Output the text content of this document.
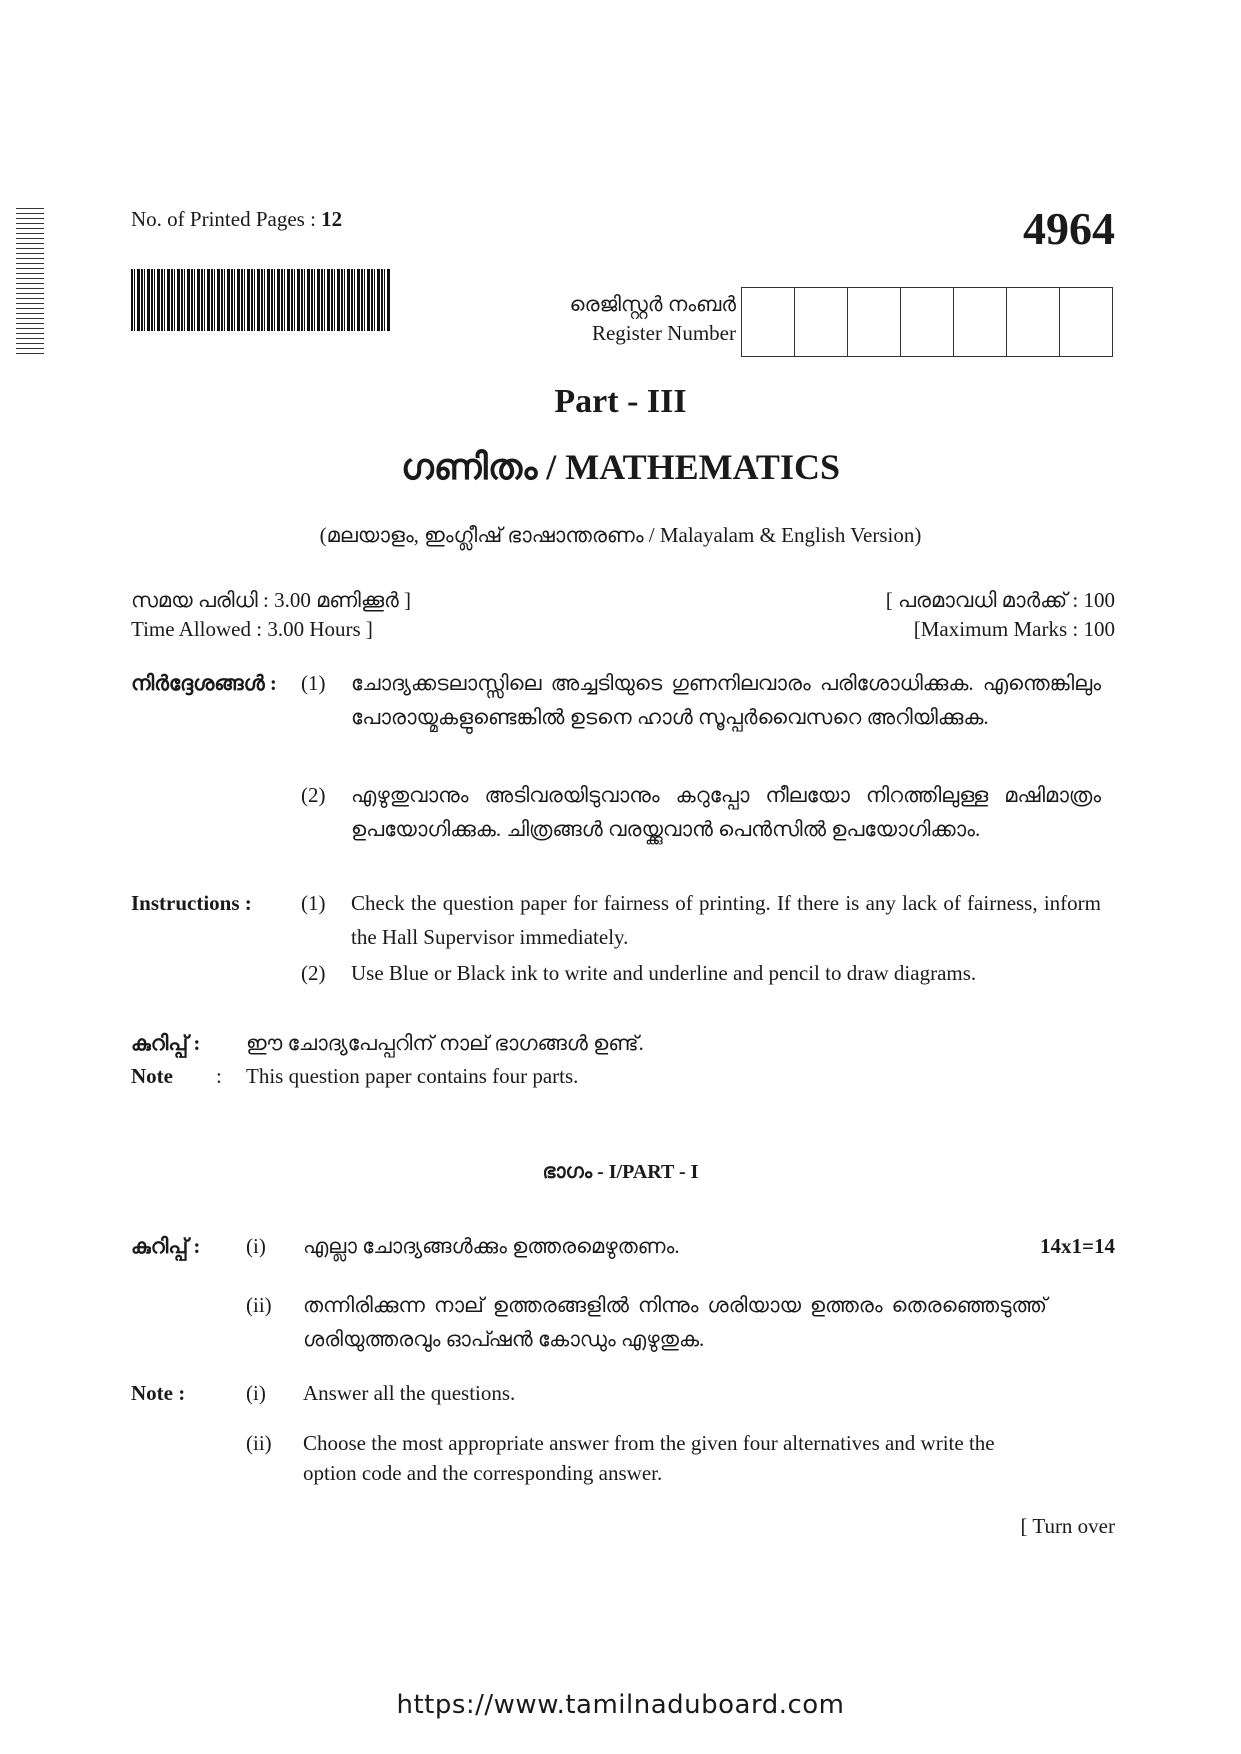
No. of Printed Pages : 12	4964
രെജിസ്റ്റർ നംബർ
Register Number
Part - III
ഗണിതം / MATHEMATICS
(മലയാളം, ഇംഗ്ലീഷ് ഭാഷാന്തരണം / Malayalam & English Version)
സമയ പരിധി : 3.00 മണിക്കൂർ ]
Time Allowed : 3.00 Hours ]
[ പരമാവധി മാർക്ക് : 100
[Maximum Marks : 100
നിർദ്ദേശങ്ങൾ :	(1)	ചോദ്യക്കടലാസ്സിലെ അച്ചടിയുടെ ഗുണനിലവാരം പരിശോധിക്കുക. എന്തെങ്കിലും പോരായ്മകളുണ്ടെങ്കിൽ ഉടനെ ഹാൾ സൂപ്പർവൈസറെ അറിയിക്കുക.
(2)	എഴുതുവാനും അടിവരയിടുവാനും കറുപ്പോ നീലയോ നിറത്തിലുള്ള മഷിമാത്രം ഉപയോഗിക്കുക. ചിത്രങ്ങൾ വരയ്ക്കുവാൻ പെൻസിൽ ഉപയോഗിക്കാം.
Instructions :	(1)	Check the question paper for fairness of printing. If there is any lack of fairness, inform the Hall Supervisor immediately.
(2)	Use Blue or Black ink to write and underline and pencil to draw diagrams.
കുറിപ്പ് :	ഈ ചോദ്യപേപ്പറിന് നാല് ഭാഗങ്ങൾ ഉണ്ട്.
Note	:	This question paper contains four parts.
ഭാഗം - I/PART - I
കുറിപ്പ് :	(i)	എല്ലാ ചോദ്യങ്ങൾക്കും ഉത്തരമെഴുതണം.	14x1=14
(ii)	തന്നിരിക്കുന്ന നാല് ഉത്തരങ്ങളിൽ നിന്നും ശരിയായ ഉത്തരം തെരഞ്ഞെടുത്ത് ശരിയുത്തരവും ഓപ്ഷൻ കോഡും എഴുതുക.
Note :	(i)	Answer all the questions.
(ii)	Choose the most appropriate answer from the given four alternatives and write the option code and the corresponding answer.
[ Turn over
https://www.tamilnaduboard.com
